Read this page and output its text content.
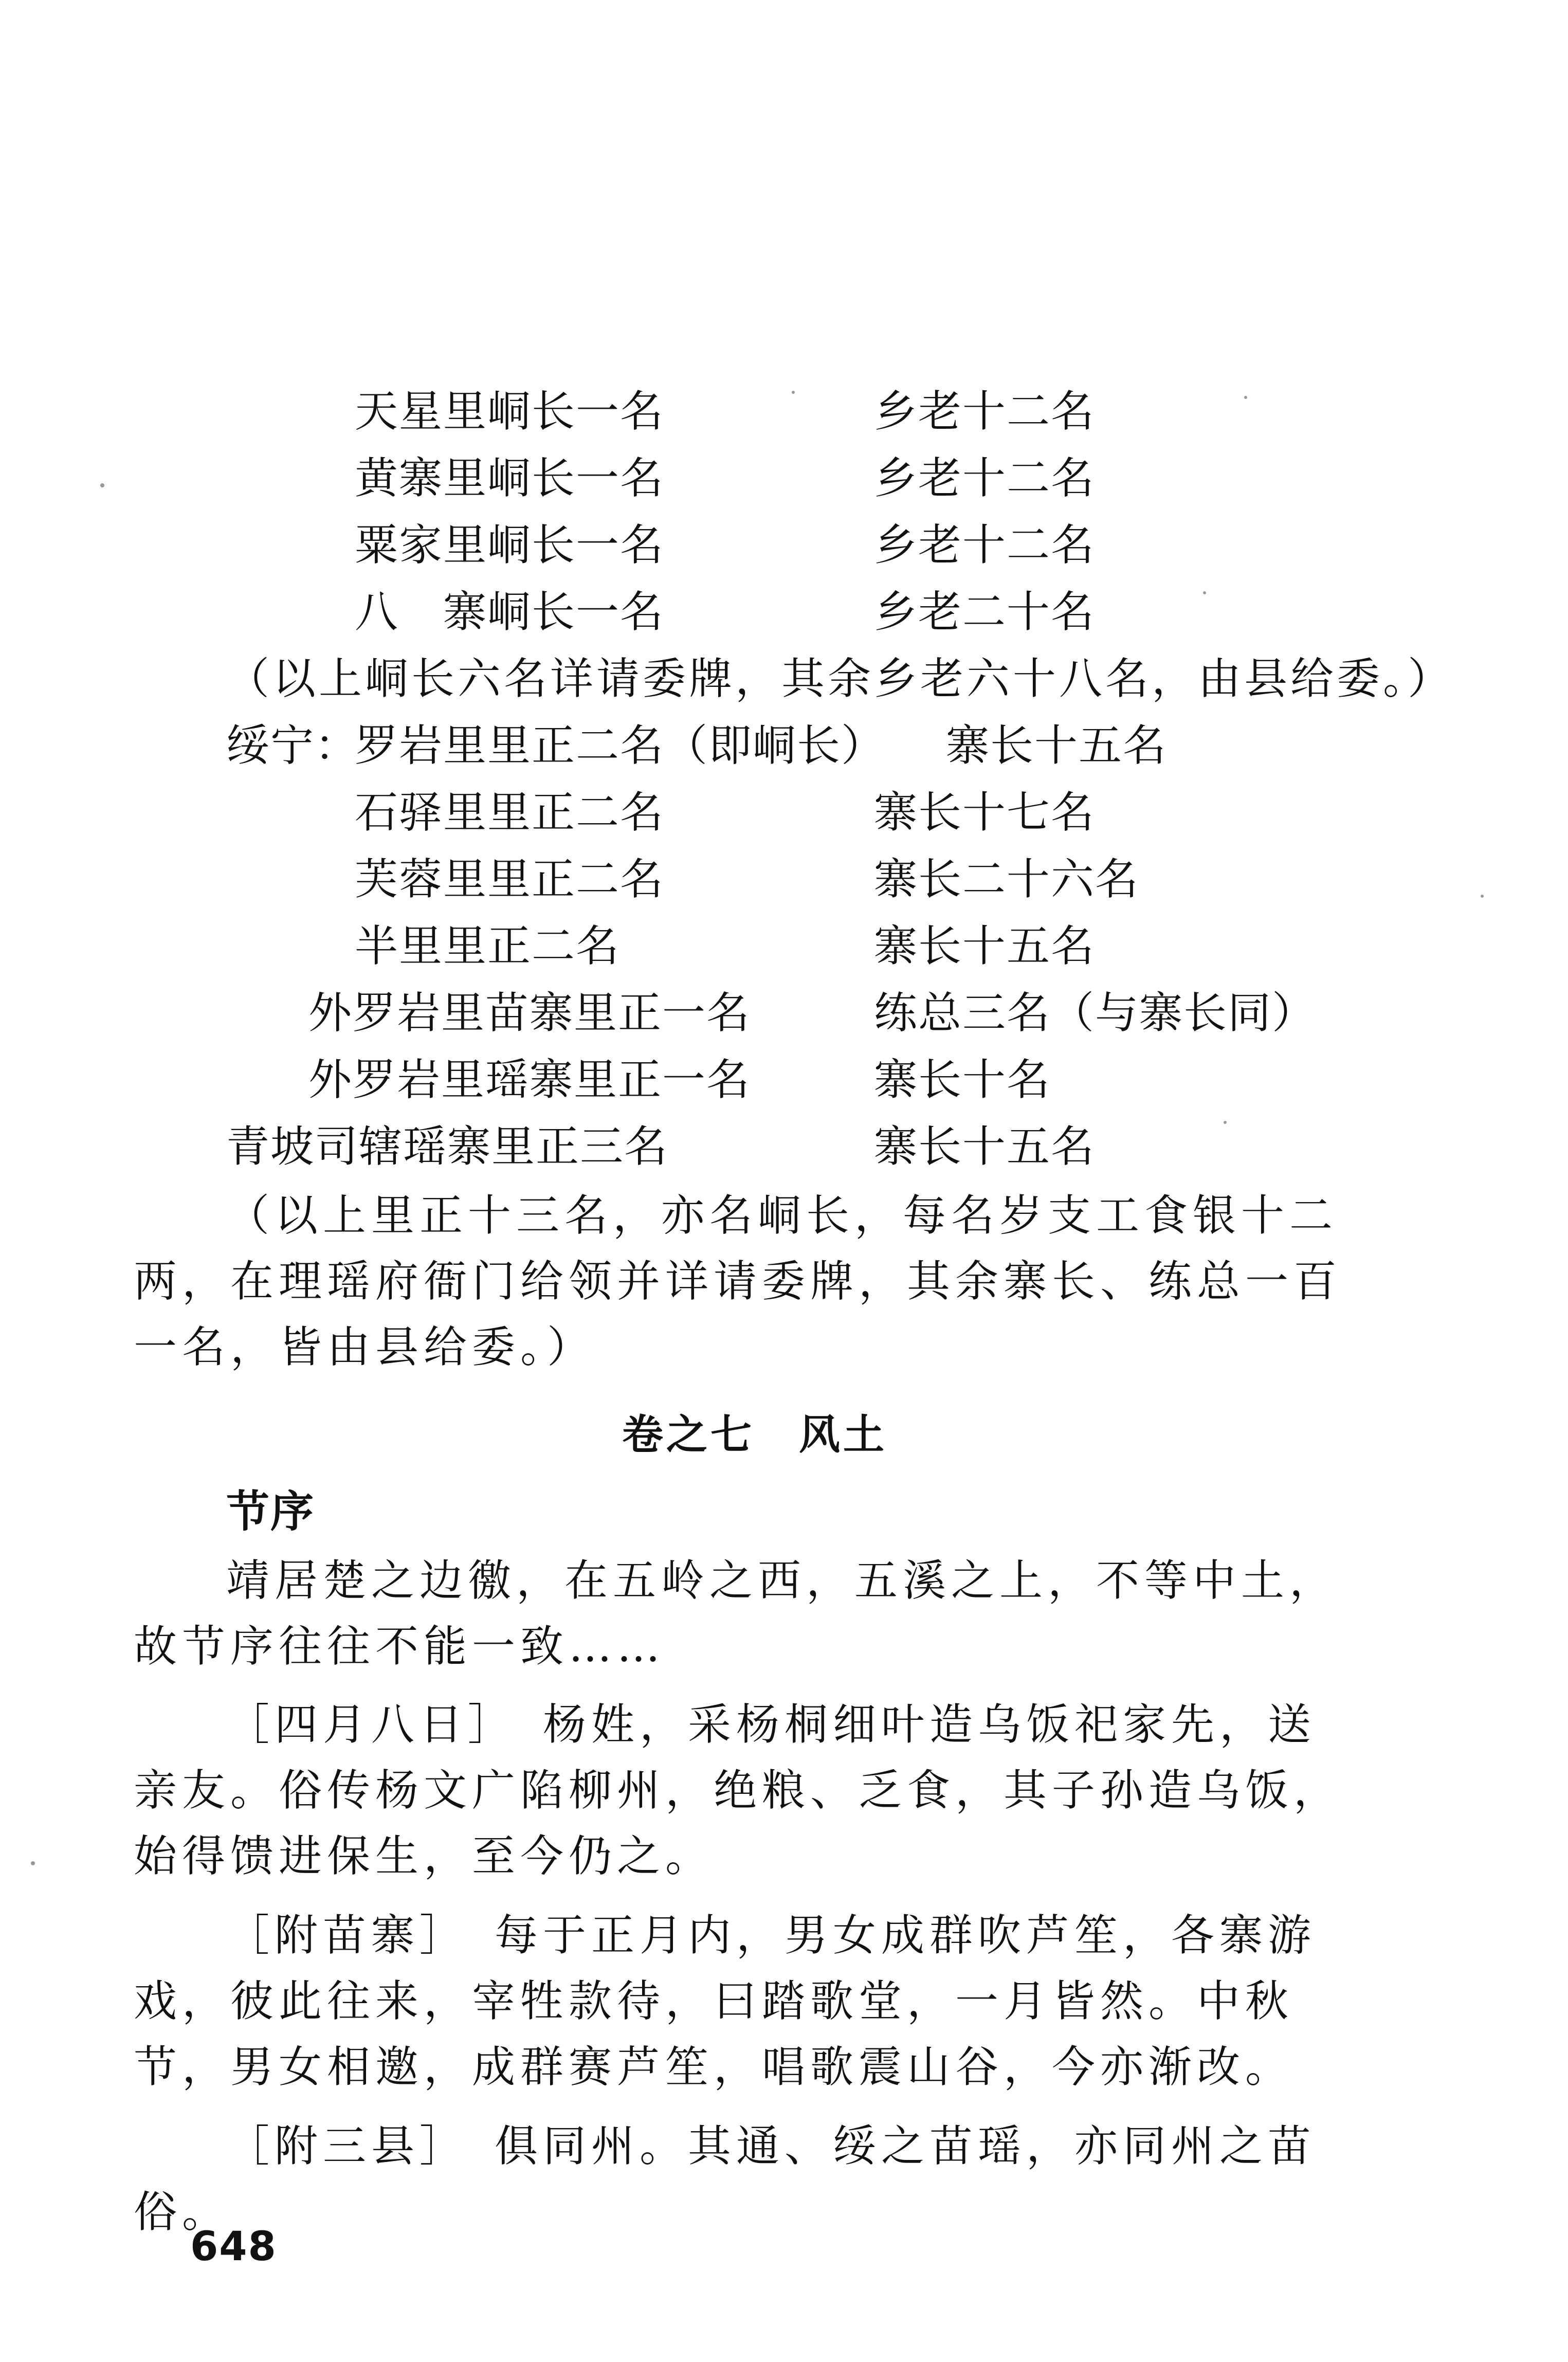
天星里峒长一名	乡老十二名
黄寨里峒长一名	乡老十二名
粟家里峒长一名	乡老十二名
八　寨峒长一名	乡老二十名
（以上峒长六名详请委牌，其余乡老六十八名，由县给委。）
绥宁：
罗岩里里正二名（即峒长） 寨长十五名
石驿里里正二名	寨长十七名
芙蓉里里正二名	寨长二十六名
半里里正二名	寨长十五名
外罗岩里苗寨里正一名	练总三名（与寨长同）
外罗岩里瑶寨里正一名	寨长十名
青坡司辖瑶寨里正三名	寨长十五名
（以上里正十三名，亦名峒长，每名岁支工食银十二两，在理瑶府衙门给领并详请委牌，其余寨长、练总一百一名，皆由县给委。）
卷之七　风土
节序
靖居楚之边徼，在五岭之西，五溪之上，不等中土，故节序往往不能一致……
［四月八日］　杨姓，采杨桐细叶造乌饭祀家先，送亲友。俗传杨文广陷柳州，绝粮、乏食，其子孙造乌饭，始得馈进保生，至今仍之。
［附苗寨］　每于正月内，男女成群吹芦笙，各寨游戏，彼此往来，宰牲款待，曰踏歌堂，一月皆然。中秋节，男女相邀，成群赛芦笙，唱歌震山谷，今亦渐改。
［附三县］　俱同州。其通、绥之苗瑶，亦同州之苗俗。
648
